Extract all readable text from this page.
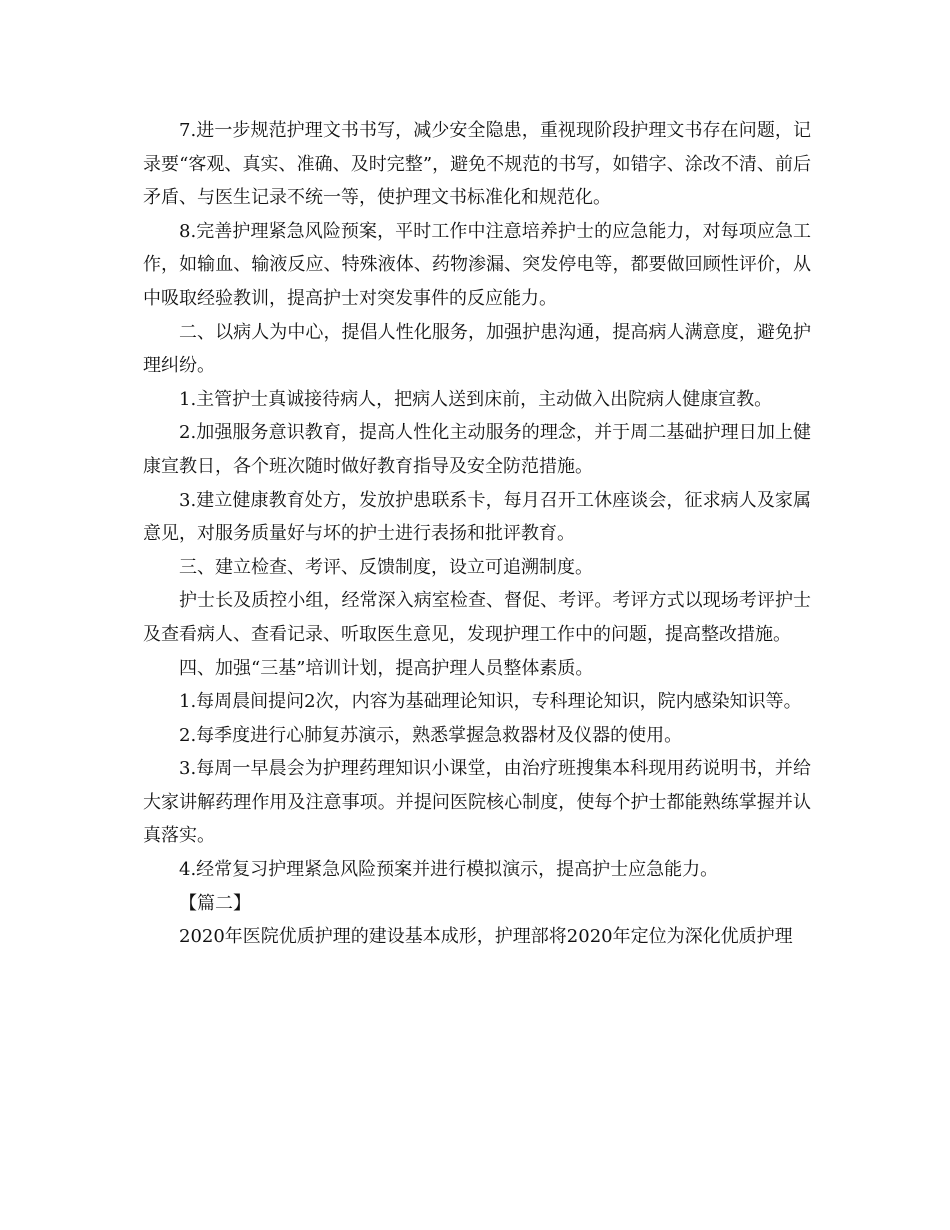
7.进一步规范护理文书书写，减少安全隐患，重视现阶段护理文书存在问题，记录要“客观、真实、准确、及时完整”，避免不规范的书写，如错字、涂改不清、前后矛盾、与医生记录不统一等，使护理文书标准化和规范化。

8.完善护理紧急风险预案，平时工作中注意培养护士的应急能力，对每项应急工作，如输血、输液反应、特殊液体、药物渗漏、突发停电等，都要做回顾性评价，从中吸取经验教训，提高护士对突发事件的反应能力。

二、以病人为中心，提倡人性化服务，加强护患沟通，提高病人满意度，避免护理纠纷。

1.主管护士真诚接待病人，把病人送到床前，主动做入出院病人健康宣教。

2.加强服务意识教育，提高人性化主动服务的理念，并于周二基础护理日加上健康宣教日，各个班次随时做好教育指导及安全防范措施。

3.建立健康教育处方，发放护患联系卡，每月召开工休座谈会，征求病人及家属意见，对服务质量好与坏的护士进行表扬和批评教育。

三、建立检查、考评、反馈制度，设立可追溯制度。

护士长及质控小组，经常深入病室检查、督促、考评。考评方式以现场考评护士及查看病人、查看记录、听取医生意见，发现护理工作中的问题，提高整改措施。

四、加强“三基”培训计划，提高护理人员整体素质。

1.每周晨间提问2次，内容为基础理论知识，专科理论知识，院内感染知识等。

2.每季度进行心肺复苏演示，熟悉掌握急救器材及仪器的使用。

3.每周一早晨会为护理药理知识小课堂，由治疗班搜集本科现用药说明书，并给大家讲解药理作用及注意事项。并提问医院核心制度，使每个护士都能熟练掌握并认真落实。

4.经常复习护理紧急风险预案并进行模拟演示，提高护士应急能力。

【篇二】

2020年医院优质护理的建设基本成形，护理部将2020年定位为深化优质护理
